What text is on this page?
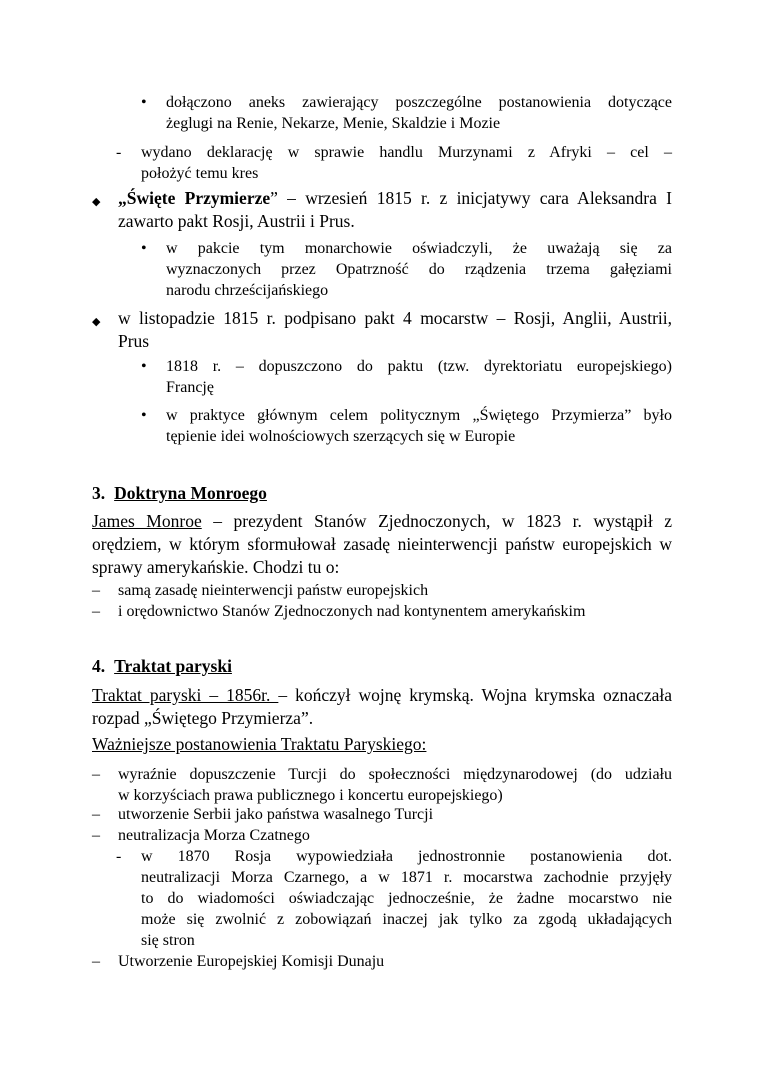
• dołączono aneks zawierający poszczególne postanowienia dotyczące
żeglugi na Renie, Nekarze, Menie, Skaldzie i Mozie
- wydano deklarację w sprawie handlu Murzynami z Afryki – cel –
położyć temu kres
◆ „Święte Przymierze” – wrzesień 1815 r. z inicjatywy cara Aleksandra I
zawarto pakt Rosji, Austrii i Prus.
• w pakcie tym monarchowie oświadczyli, że uważają się za
wyznaczonych przez Opatrzność do rządzenia trzema gałęziami
narodu chrześcijańskiego
◆ w listopadzie 1815 r. podpisano pakt 4 mocarstw – Rosji, Anglii, Austrii,
Prus
• 1818 r. – dopuszczono do paktu (tzw. dyrektoriatu europejskiego)
Francję
• w praktyce głównym celem politycznym „Świętego Przymierza” było
tępienie idei wolnościowych szerzących się w Europie
3. Doktryna Monroego
James Monroe – prezydent Stanów Zjednoczonych, w 1823 r. wystąpił z
orędziem, w którym sformułował zasadę nieinterwencji państw europejskich w
sprawy amerykańskie. Chodzi tu o:
– samą zasadę nieinterwencji państw europejskich
– i orędownictwo Stanów Zjednoczonych nad kontynentem amerykańskim
4. Traktat paryski
Traktat paryski – 1856r. – kończył wojnę krymską. Wojna krymska oznaczała
rozpad „Świętego Przymierza”.
Ważniejsze postanowienia Traktatu Paryskiego:
– wyraźnie dopuszczenie Turcji do społeczności międzynarodowej (do udziału
w korzyściach prawa publicznego i koncertu europejskiego)
– utworzenie Serbii jako państwa wasalnego Turcji
– neutralizacja Morza Czatnego
- w 1870 Rosja wypowiedziała jednostronnie postanowienia dot.
neutralizacji Morza Czarnego, a w 1871 r. mocarstwa zachodnie przyjęły
to do wiadomości oświadczając jednocześnie, że żadne mocarstwo nie
może się zwolnić z zobowiązań inaczej jak tylko za zgodą układających
się stron
– Utworzenie Europejskiej Komisji Dunaju
